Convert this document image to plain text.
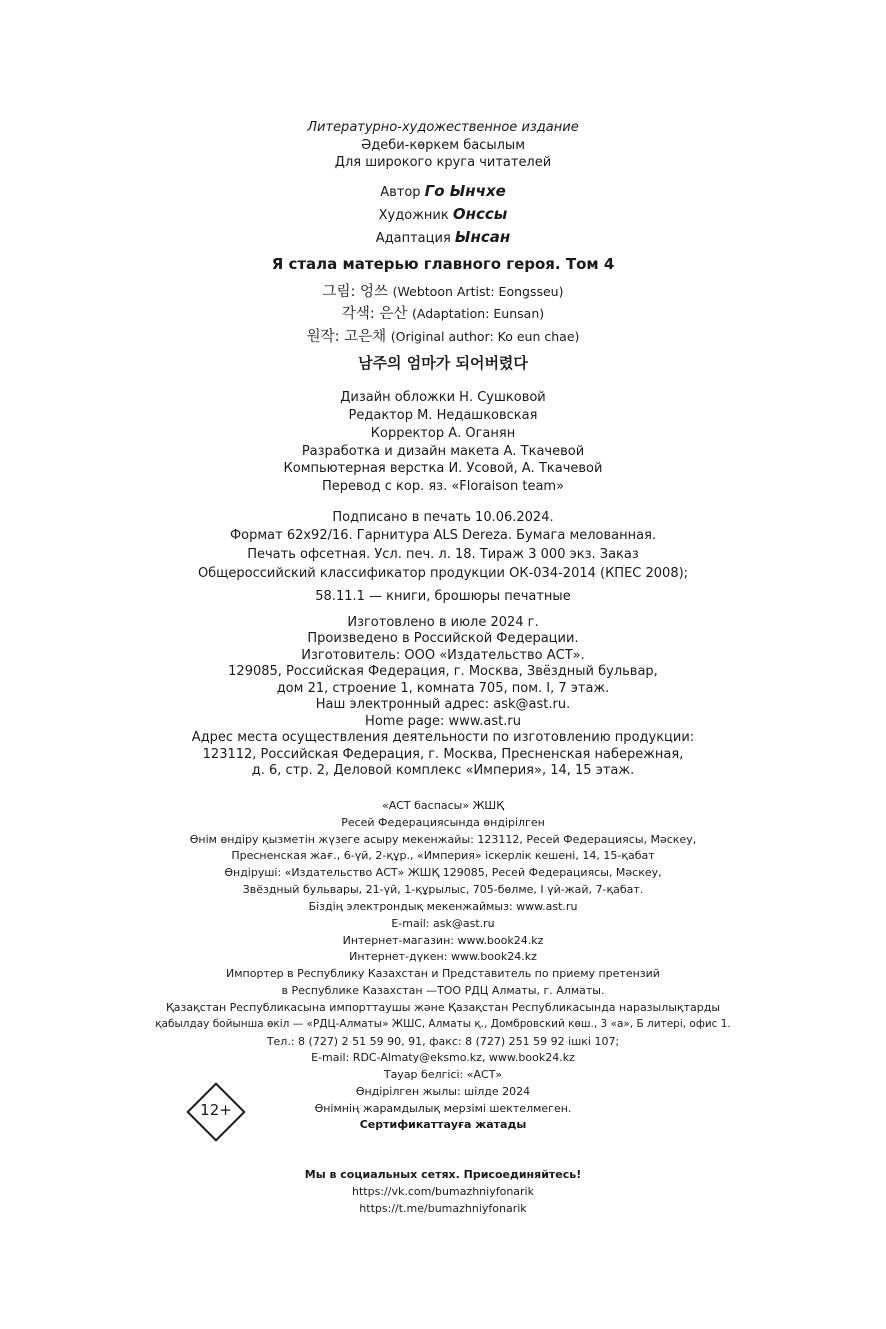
Литературно-художественное издание
Әдеби-көркем басылым
Для широкого круга читателей
Автор Го Ынчхе
Художник Онссы
Адаптация Ынсан
Я стала матерью главного героя. Том 4
그림: 엉쓰 (Webtoon Artist: Eongsseu)
각색: 은산 (Adaptation: Eunsan)
원작: 고은채 (Original author: Ko eun chae)
남주의 엄마가 되어버렸다
Дизайн обложки Н. Сушковой
Редактор М. Недашковская
Корректор А. Оганян
Разработка и дизайн макета А. Ткачевой
Компьютерная верстка И. Усовой, А. Ткачевой
Перевод с кор. яз. «Floraison team»
Подписано в печать 10.06.2024.
Формат 62x92/16. Гарнитура ALS Dereza. Бумага мелованная.
Печать офсетная. Усл. печ. л. 18. Тираж 3 000 экз. Заказ
Общероссийский классификатор продукции ОК-034-2014 (КПЕС 2008);
58.11.1 — книги, брошюры печатные
Изготовлено в июле 2024 г.
Произведено в Российской Федерации.
Изготовитель: ООО «Издательство АСТ».
129085, Российская Федерация, г. Москва, Звёздный бульвар,
дом 21, строение 1, комната 705, пом. I, 7 этаж.
Наш электронный адрес: ask@ast.ru.
Home page: www.ast.ru
Адрес места осуществления деятельности по изготовлению продукции:
123112, Российская Федерация, г. Москва, Пресненская набережная,
д. 6, стр. 2, Деловой комплекс «Империя», 14, 15 этаж.
«АСТ баспасы» ЖШҚ
Ресей Федерациясында өндірілген
Өнім өндіру қызметін жүзеге асыру мекенжайы: 123112, Ресей Федерациясы, Мәскеу,
Пресненская жағ., 6-үй, 2-құр., «Империя» іскерлік кешені, 14, 15-қабат
Өндіруші: «Издательство АСТ» ЖШҚ 129085, Ресей Федерациясы, Мәскеу,
Звёздный бульвары, 21-үй, 1-құрылыс, 705-бөлме, I үй-жай, 7-қабат.
Біздің электрондық мекенжаймыз: www.ast.ru
E-mail: ask@ast.ru
Интернет-магазин: www.book24.kz
Интернет-дүкен: www.book24.kz
Импортер в Республику Казахстан и Представитель по приему претензий
в Республике Казахстан —ТОО РДЦ Алматы, г. Алматы.
Қазақстан Республикасына импорттаушы және Қазақстан Республикасында наразылықтарды
қабылдау бойынша өкіл — «РДЦ-Алматы» ЖШС, Алматы қ., Домбровский көш., 3 «а», Б литері, офис 1.
Тел.: 8 (727) 2 51 59 90, 91, факс: 8 (727) 251 59 92 ішкі 107;
E-mail: RDC-Almaty@eksmo.kz, www.book24.kz
Тауар белгісі: «АСТ»
Өндірілген жылы: шілде 2024
Өнімнің жарамдылық мерзімі шектелмеген.
Сертификаттауға жатады
12+
Мы в социальных сетях. Присоединяйтесь!
https://vk.com/bumazhniyfonarik
https://t.me/bumazhniyfonarik
